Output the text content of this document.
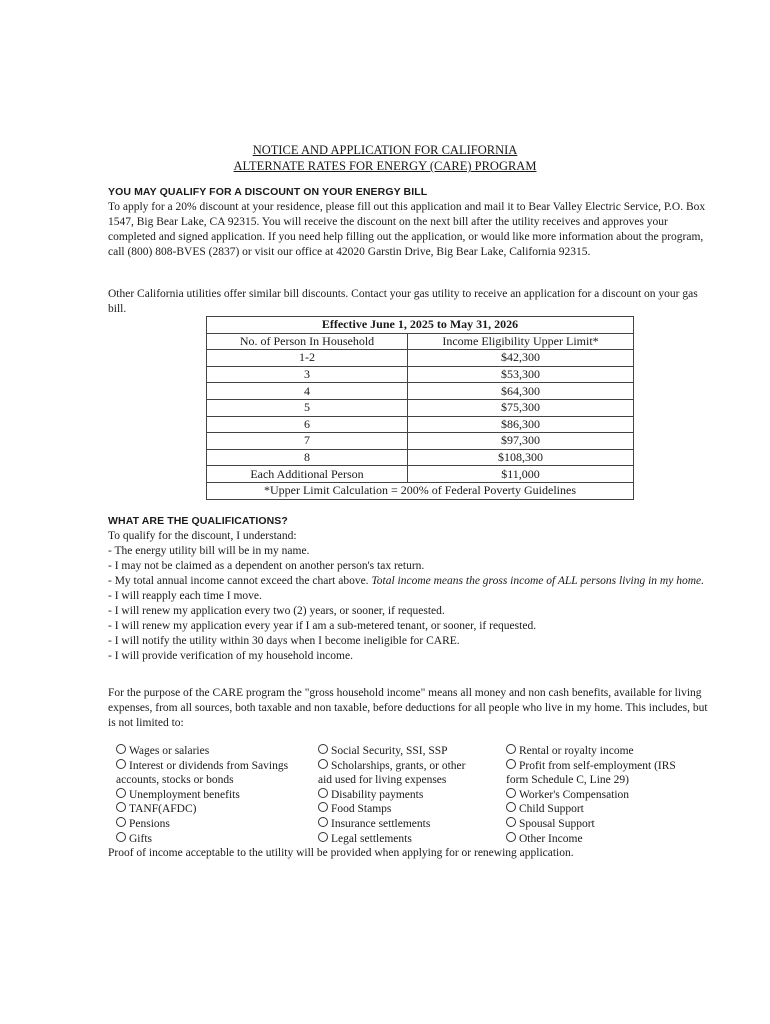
NOTICE AND APPLICATION FOR CALIFORNIA
ALTERNATE RATES FOR ENERGY (CARE) PROGRAM
YOU MAY QUALIFY FOR A DISCOUNT ON YOUR ENERGY BILL
To apply for a 20% discount at your residence, please fill out this application and mail it to Bear Valley Electric Service, P.O. Box 1547, Big Bear Lake, CA 92315. You will receive the discount on the next bill after the utility receives and approves your completed and signed application. If you need help filling out the application, or would like more information about the program, call (800) 808-BVES (2837) or visit our office at 42020 Garstin Drive, Big Bear Lake, California 92315.
Other California utilities offer similar bill discounts. Contact your gas utility to receive an application for a discount on your gas bill.
Effective June 1, 2025 to May 31, 2026	
No. of Person In Household	Income Eligibility Upper Limit*
1-2	$42,300
3	$53,300
4	$64,300
5	$75,300
6	$86,300
7	$97,300
8	$108,300
Each Additional Person	$11,000
*Upper Limit Calculation = 200% of Federal Poverty Guidelines	
WHAT ARE THE QUALIFICATIONS?
To qualify for the discount, I understand:
- The energy utility bill will be in my name.
- I may not be claimed as a dependent on another person's tax return.
- My total annual income cannot exceed the chart above. Total income means the gross income of ALL persons living in my home.
- I will reapply each time I move.
- I will renew my application every two (2) years, or sooner, if requested.
- I will renew my application every year if I am a sub-metered tenant, or sooner, if requested.
- I will notify the utility within 30 days when I become ineligible for CARE.
- I will provide verification of my household income.
For the purpose of the CARE program the "gross household income" means all money and non cash benefits, available for living expenses, from all sources, both taxable and non taxable, before deductions for all people who live in my home. This includes, but is not limited to:
Wages or salaries
Interest or dividends from Savings
accounts, stocks or bonds
Unemployment benefits
TANF(AFDC)
Pensions
Gifts
Social Security, SSI, SSP
Scholarships, grants, or other
aid used for living expenses
Disability payments
Food Stamps
Insurance settlements
Legal settlements
Rental or royalty income
Profit from self-employment (IRS
form Schedule C, Line 29)
Worker's Compensation
Child Support
Spousal Support
Other Income
Proof of income acceptable to the utility will be provided when applying for or renewing application.
